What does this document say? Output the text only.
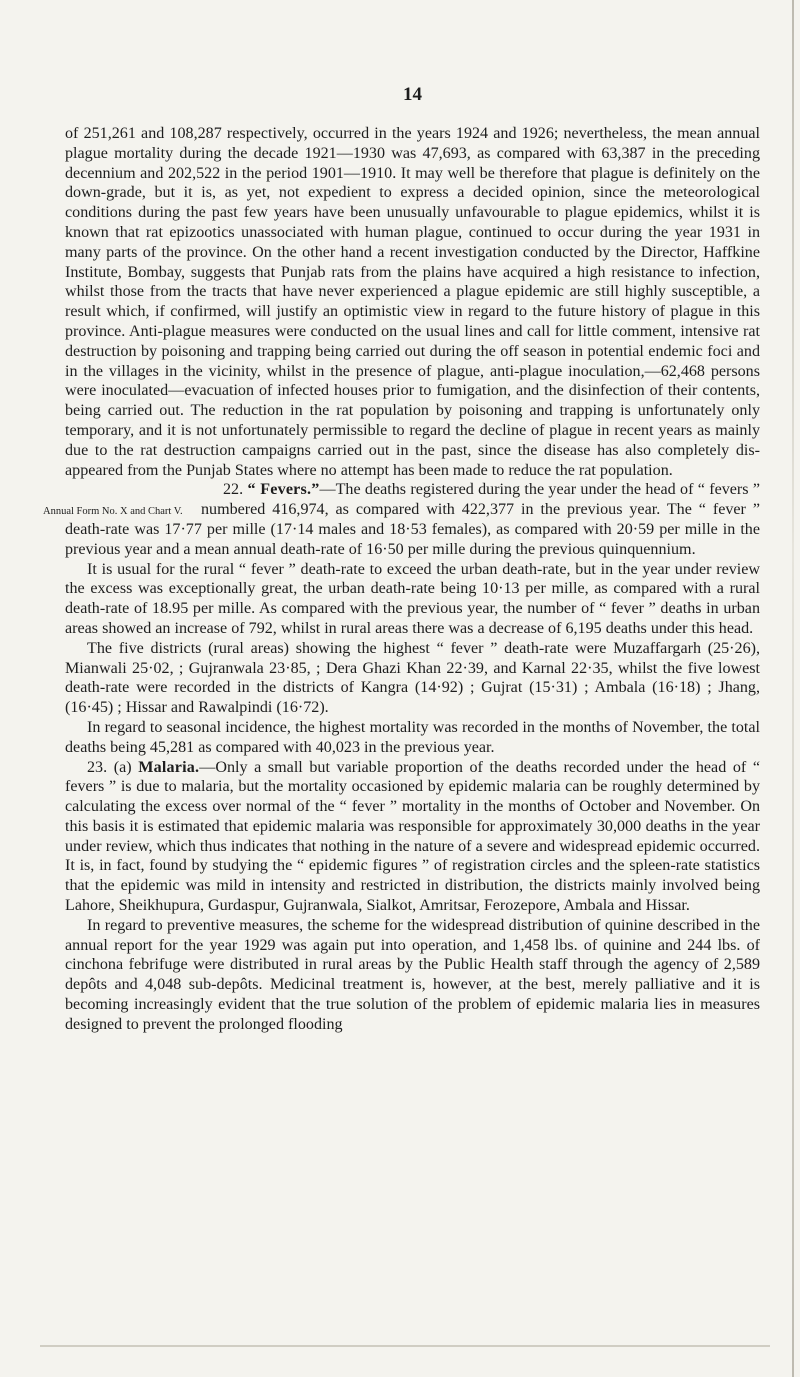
14

of 251,261 and 108,287 respectively, occurred in the years 1924 and 1926; nevertheless, the mean annual plague mortality during the decade 1921—1930 was 47,693, as compared with 63,387 in the preceding decennium and 202,522 in the period 1901—1910. It may well be therefore that plague is definitely on the down-grade, but it is, as yet, not expedient to express a decided opinion, since the meteorological conditions during the past few years have been unusually unfavourable to plague epidemics, whilst it is known that rat epizootics unassociated with human plague, continued to occur during the year 1931 in many parts of the province. On the other hand a recent investigation conducted by the Director, Haffkine Institute, Bombay, suggests that Punjab rats from the plains have acquired a high resistance to infection, whilst those from the tracts that have never experienced a plague epidemic are still highly susceptible, a result which, if confirmed, will justify an optimistic view in regard to the future history of plague in this province. Anti-plague measures were conducted on the usual lines and call for little comment, intensive rat destruction by poisoning and trapping being carried out during the off season in potential endemic foci and in the villages in the vicinity, whilst in the presence of plague, anti-plague inoculation,—62,468 persons were inoculated—evacuation of infected houses prior to fumigation, and the disinfection of their contents, being carried out. The reduction in the rat population by poisoning and trapping is unfortunately only temporary, and it is not unfortunately permissible to regard the decline of plague in recent years as mainly due to the rat destruction campaigns carried out in the past, since the disease has also completely disappeared from the Punjab States where no attempt has been made to reduce the rat population.

Annual Form No. X and Chart V.
22. “ Fevers.”—The deaths registered during the year under the head of “ fevers ” numbered 416,974, as compared with 422,377 in the previous year. The “ fever ” death-rate was 17·77 per mille (17·14 males and 18·53 females), as compared with 20·59 per mille in the previous year and a mean annual death-rate of 16·50 per mille during the previous quinquennium.

It is usual for the rural “ fever ” death-rate to exceed the urban death-rate, but in the year under review the excess was exceptionally great, the urban death-rate being 10·13 per mille, as compared with a rural death-rate of 18.95 per mille. As compared with the previous year, the number of “ fever ” deaths in urban areas showed an increase of 792, whilst in rural areas there was a decrease of 6,195 deaths under this head.

The five districts (rural areas) showing the highest “ fever ” death-rate were Muzaffargarh (25·26), Mianwali 25·02, ; Gujranwala 23·85, ; Dera Ghazi Khan 22·39, and Karnal 22·35, whilst the five lowest death-rate were recorded in the districts of Kangra (14·92) ; Gujrat (15·31) ; Ambala (16·18) ; Jhang, (16·45) ; Hissar and Rawalpindi (16·72).

In regard to seasonal incidence, the highest mortality was recorded in the months of November, the total deaths being 45,281 as compared with 40,023 in the previous year.

23. (a) Malaria.—Only a small but variable proportion of the deaths recorded under the head of “ fevers ” is due to malaria, but the mortality occasioned by epidemic malaria can be roughly determined by calculating the excess over normal of the “ fever ” mortality in the months of October and November. On this basis it is estimated that epidemic malaria was responsible for approximately 30,000 deaths in the year under review, which thus indicates that nothing in the nature of a severe and widespread epidemic occurred. It is, in fact, found by studying the “ epidemic figures ” of registration circles and the spleen-rate statistics that the epidemic was mild in intensity and restricted in distribution, the districts mainly involved being Lahore, Sheikhupura, Gurdaspur, Gujranwala, Sialkot, Amritsar, Ferozepore, Ambala and Hissar.

In regard to preventive measures, the scheme for the widespread distribution of quinine described in the annual report for the year 1929 was again put into operation, and 1,458 lbs. of quinine and 244 lbs. of cinchona febrifuge were distributed in rural areas by the Public Health staff through the agency of 2,589 depôts and 4,048 sub-depôts. Medicinal treatment is, however, at the best, merely palliative and it is becoming increasingly evident that the true solution of the problem of epidemic malaria lies in measures designed to prevent the prolonged flooding
